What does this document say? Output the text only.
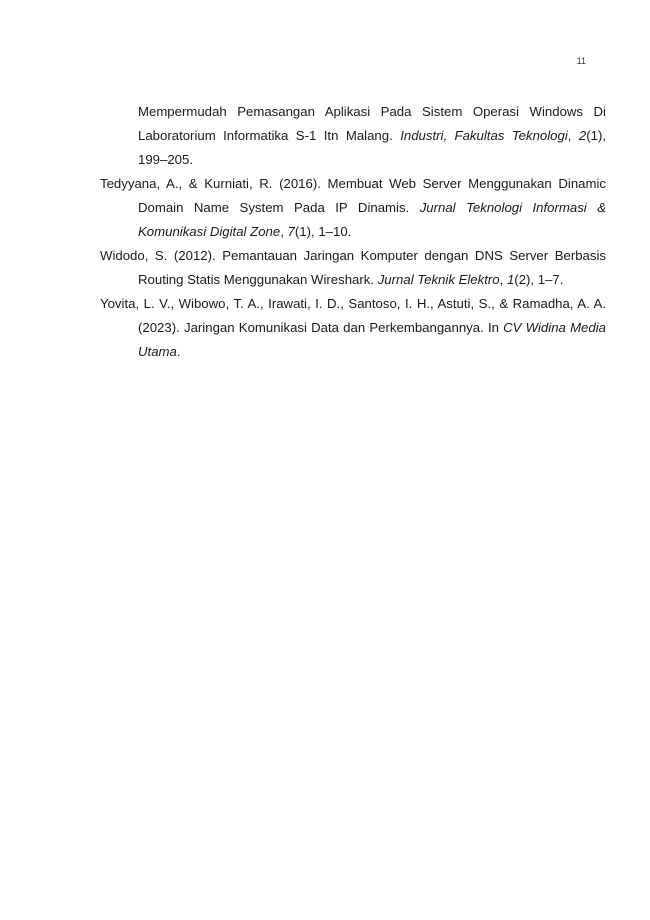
11

Mempermudah Pemasangan Aplikasi Pada Sistem Operasi Windows Di Laboratorium Informatika S-1 Itn Malang. Industri, Fakultas Teknologi, 2(1), 199–205.

Tedyyana, A., & Kurniati, R. (2016). Membuat Web Server Menggunakan Dinamic Domain Name System Pada IP Dinamis. Jurnal Teknologi Informasi & Komunikasi Digital Zone, 7(1), 1–10.

Widodo, S. (2012). Pemantauan Jaringan Komputer dengan DNS Server Berbasis Routing Statis Menggunakan Wireshark. Jurnal Teknik Elektro, 1(2), 1–7.

Yovita, L. V., Wibowo, T. A., Irawati, I. D., Santoso, I. H., Astuti, S., & Ramadha, A. A. (2023). Jaringan Komunikasi Data dan Perkembangannya. In CV Widina Media Utama.
